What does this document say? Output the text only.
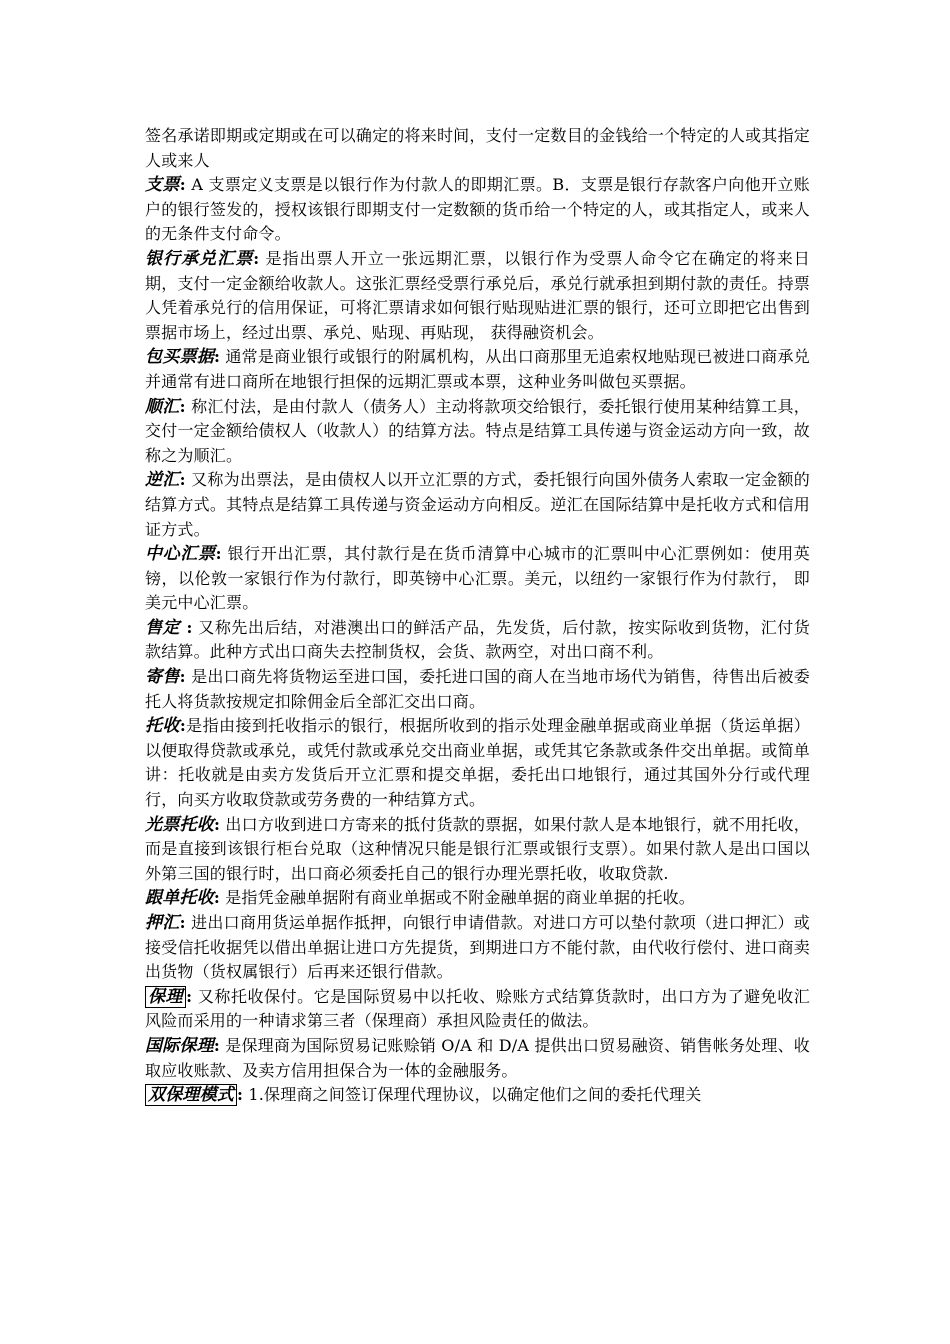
签名承诺即期或定期或在可以确定的将来时间，支付一定数目的金钱给一个特定的人或其指定人或来人

支票: A 支票定义支票是以银行作为付款人的即期汇票。B．支票是银行存款客户向他开立账户的银行签发的，授权该银行即期支付一定数额的货币给一个特定的人，或其指定人，或来人的无条件支付命令。

银行承兑汇票: 是指出票人开立一张远期汇票，以银行作为受票人命令它在确定的将来日期，支付一定金额给收款人。这张汇票经受票行承兑后，承兑行就承担到期付款的责任。持票人凭着承兑行的信用保证，可将汇票请求如何银行贴现贴进汇票的银行，还可立即把它出售到票据市场上，经过出票、承兑、贴现、再贴现， 获得融资机会。

包买票据: 通常是商业银行或银行的附属机构，从出口商那里无追索权地贴现已被进口商承兑并通常有进口商所在地银行担保的远期汇票或本票，这种业务叫做包买票据。

顺汇: 称汇付法，是由付款人（债务人）主动将款项交给银行，委托银行使用某种结算工具，交付一定金额给债权人（收款人）的结算方法。特点是结算工具传递与资金运动方向一致，故称之为顺汇。

逆汇: 又称为出票法，是由债权人以开立汇票的方式，委托银行向国外债务人索取一定金额的结算方式。其特点是结算工具传递与资金运动方向相反。逆汇在国际结算中是托收方式和信用证方式。

中心汇票: 银行开出汇票，其付款行是在货币清算中心城市的汇票叫中心汇票例如：使用英镑，以伦敦一家银行作为付款行，即英镑中心汇票。美元，以纽约一家银行作为付款行， 即美元中心汇票。

售定 : 又称先出后结，对港澳出口的鲜活产品，先发货，后付款，按实际收到货物，汇付货款结算。此种方式出口商失去控制货权，会货、款两空，对出口商不利。

寄售: 是出口商先将货物运至进口国，委托进口国的商人在当地市场代为销售，待售出后被委托人将货款按规定扣除佣金后全部汇交出口商。

托收:是指由接到托收指示的银行，根据所收到的指示处理金融单据或商业单据（货运单据）以便取得贷款或承兑，或凭付款或承兑交出商业单据，或凭其它条款或条件交出单据。或简单讲：托收就是由卖方发货后开立汇票和提交单据，委托出口地银行，通过其国外分行或代理行，向买方收取贷款或劳务费的一种结算方式。

光票托收: 出口方收到进口方寄来的抵付货款的票据，如果付款人是本地银行，就不用托收， 而是直接到该银行柜台兑取（这种情况只能是银行汇票或银行支票）。如果付款人是出口国以外第三国的银行时，出口商必须委托自己的银行办理光票托收，收取贷款.

跟单托收: 是指凭金融单据附有商业单据或不附金融单据的商业单据的托收。

押汇: 进出口商用货运单据作抵押，向银行申请借款。对进口方可以垫付款项（进口押汇）或接受信托收据凭以借出单据让进口方先提货，到期进口方不能付款，由代收行偿付、进口商卖出货物（货权属银行）后再来还银行借款。

保理 : 又称托收保付。它是国际贸易中以托收、赊账方式结算货款时，出口方为了避免收汇风险而采用的一种请求第三者（保理商）承担风险责任的做法。

国际保理: 是保理商为国际贸易记账赊销 O/A 和 D/A 提供出口贸易融资、销售帐务处理、收取应收账款、及卖方信用担保合为一体的金融服务。

双保理模式 : 1.保理商之间签订保理代理协议，以确定他们之间的委托代理关
